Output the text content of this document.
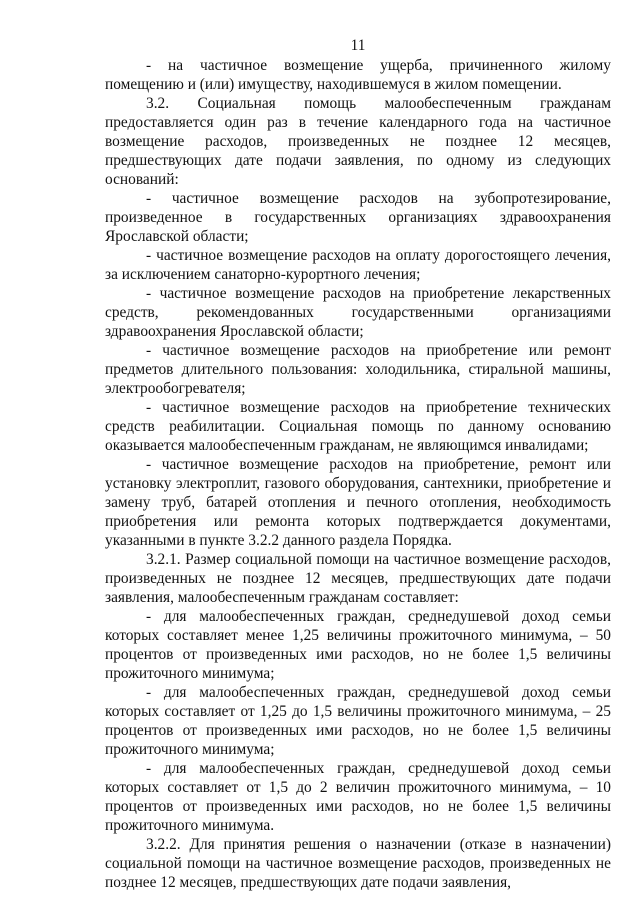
11

- на частичное возмещение ущерба, причиненного жилому помещению и (или) имуществу, находившемуся в жилом помещении.

3.2. Социальная помощь малообеспеченным гражданам предоставляется один раз в течение календарного года на частичное возмещение расходов, произведенных не позднее 12 месяцев, предшествующих дате подачи заявления, по одному из следующих оснований:

- частичное возмещение расходов на зубопротезирование, произведенное в государственных организациях здравоохранения Ярославской области;

- частичное возмещение расходов на оплату дорогостоящего лечения, за исключением санаторно-курортного лечения;

- частичное возмещение расходов на приобретение лекарственных средств, рекомендованных государственными организациями здравоохранения Ярославской области;

- частичное возмещение расходов на приобретение или ремонт предметов длительного пользования: холодильника, стиральной машины, электрообогревателя;

- частичное возмещение расходов на приобретение технических средств реабилитации. Социальная помощь по данному основанию оказывается малообеспеченным гражданам, не являющимся инвалидами;

- частичное возмещение расходов на приобретение, ремонт или установку электроплит, газового оборудования, сантехники, приобретение и замену труб, батарей отопления и печного отопления, необходимость приобретения или ремонта которых подтверждается документами, указанными в пункте 3.2.2 данного раздела Порядка.

3.2.1. Размер социальной помощи на частичное возмещение расходов, произведенных не позднее 12 месяцев, предшествующих дате подачи заявления, малообеспеченным гражданам составляет:

- для малообеспеченных граждан, среднедушевой доход семьи которых составляет менее 1,25 величины прожиточного минимума, – 50 процентов от произведенных ими расходов, но не более 1,5 величины прожиточного минимума;

- для малообеспеченных граждан, среднедушевой доход семьи которых составляет от 1,25 до 1,5 величины прожиточного минимума, – 25 процентов от произведенных ими расходов, но не более 1,5 величины прожиточного минимума;

- для малообеспеченных граждан, среднедушевой доход семьи которых составляет от 1,5 до 2 величин прожиточного минимума, – 10 процентов от произведенных ими расходов, но не более 1,5 величины прожиточного минимума.

3.2.2. Для принятия решения о назначении (отказе в назначении) социальной помощи на частичное возмещение расходов, произведенных не позднее 12 месяцев, предшествующих дате подачи заявления,
